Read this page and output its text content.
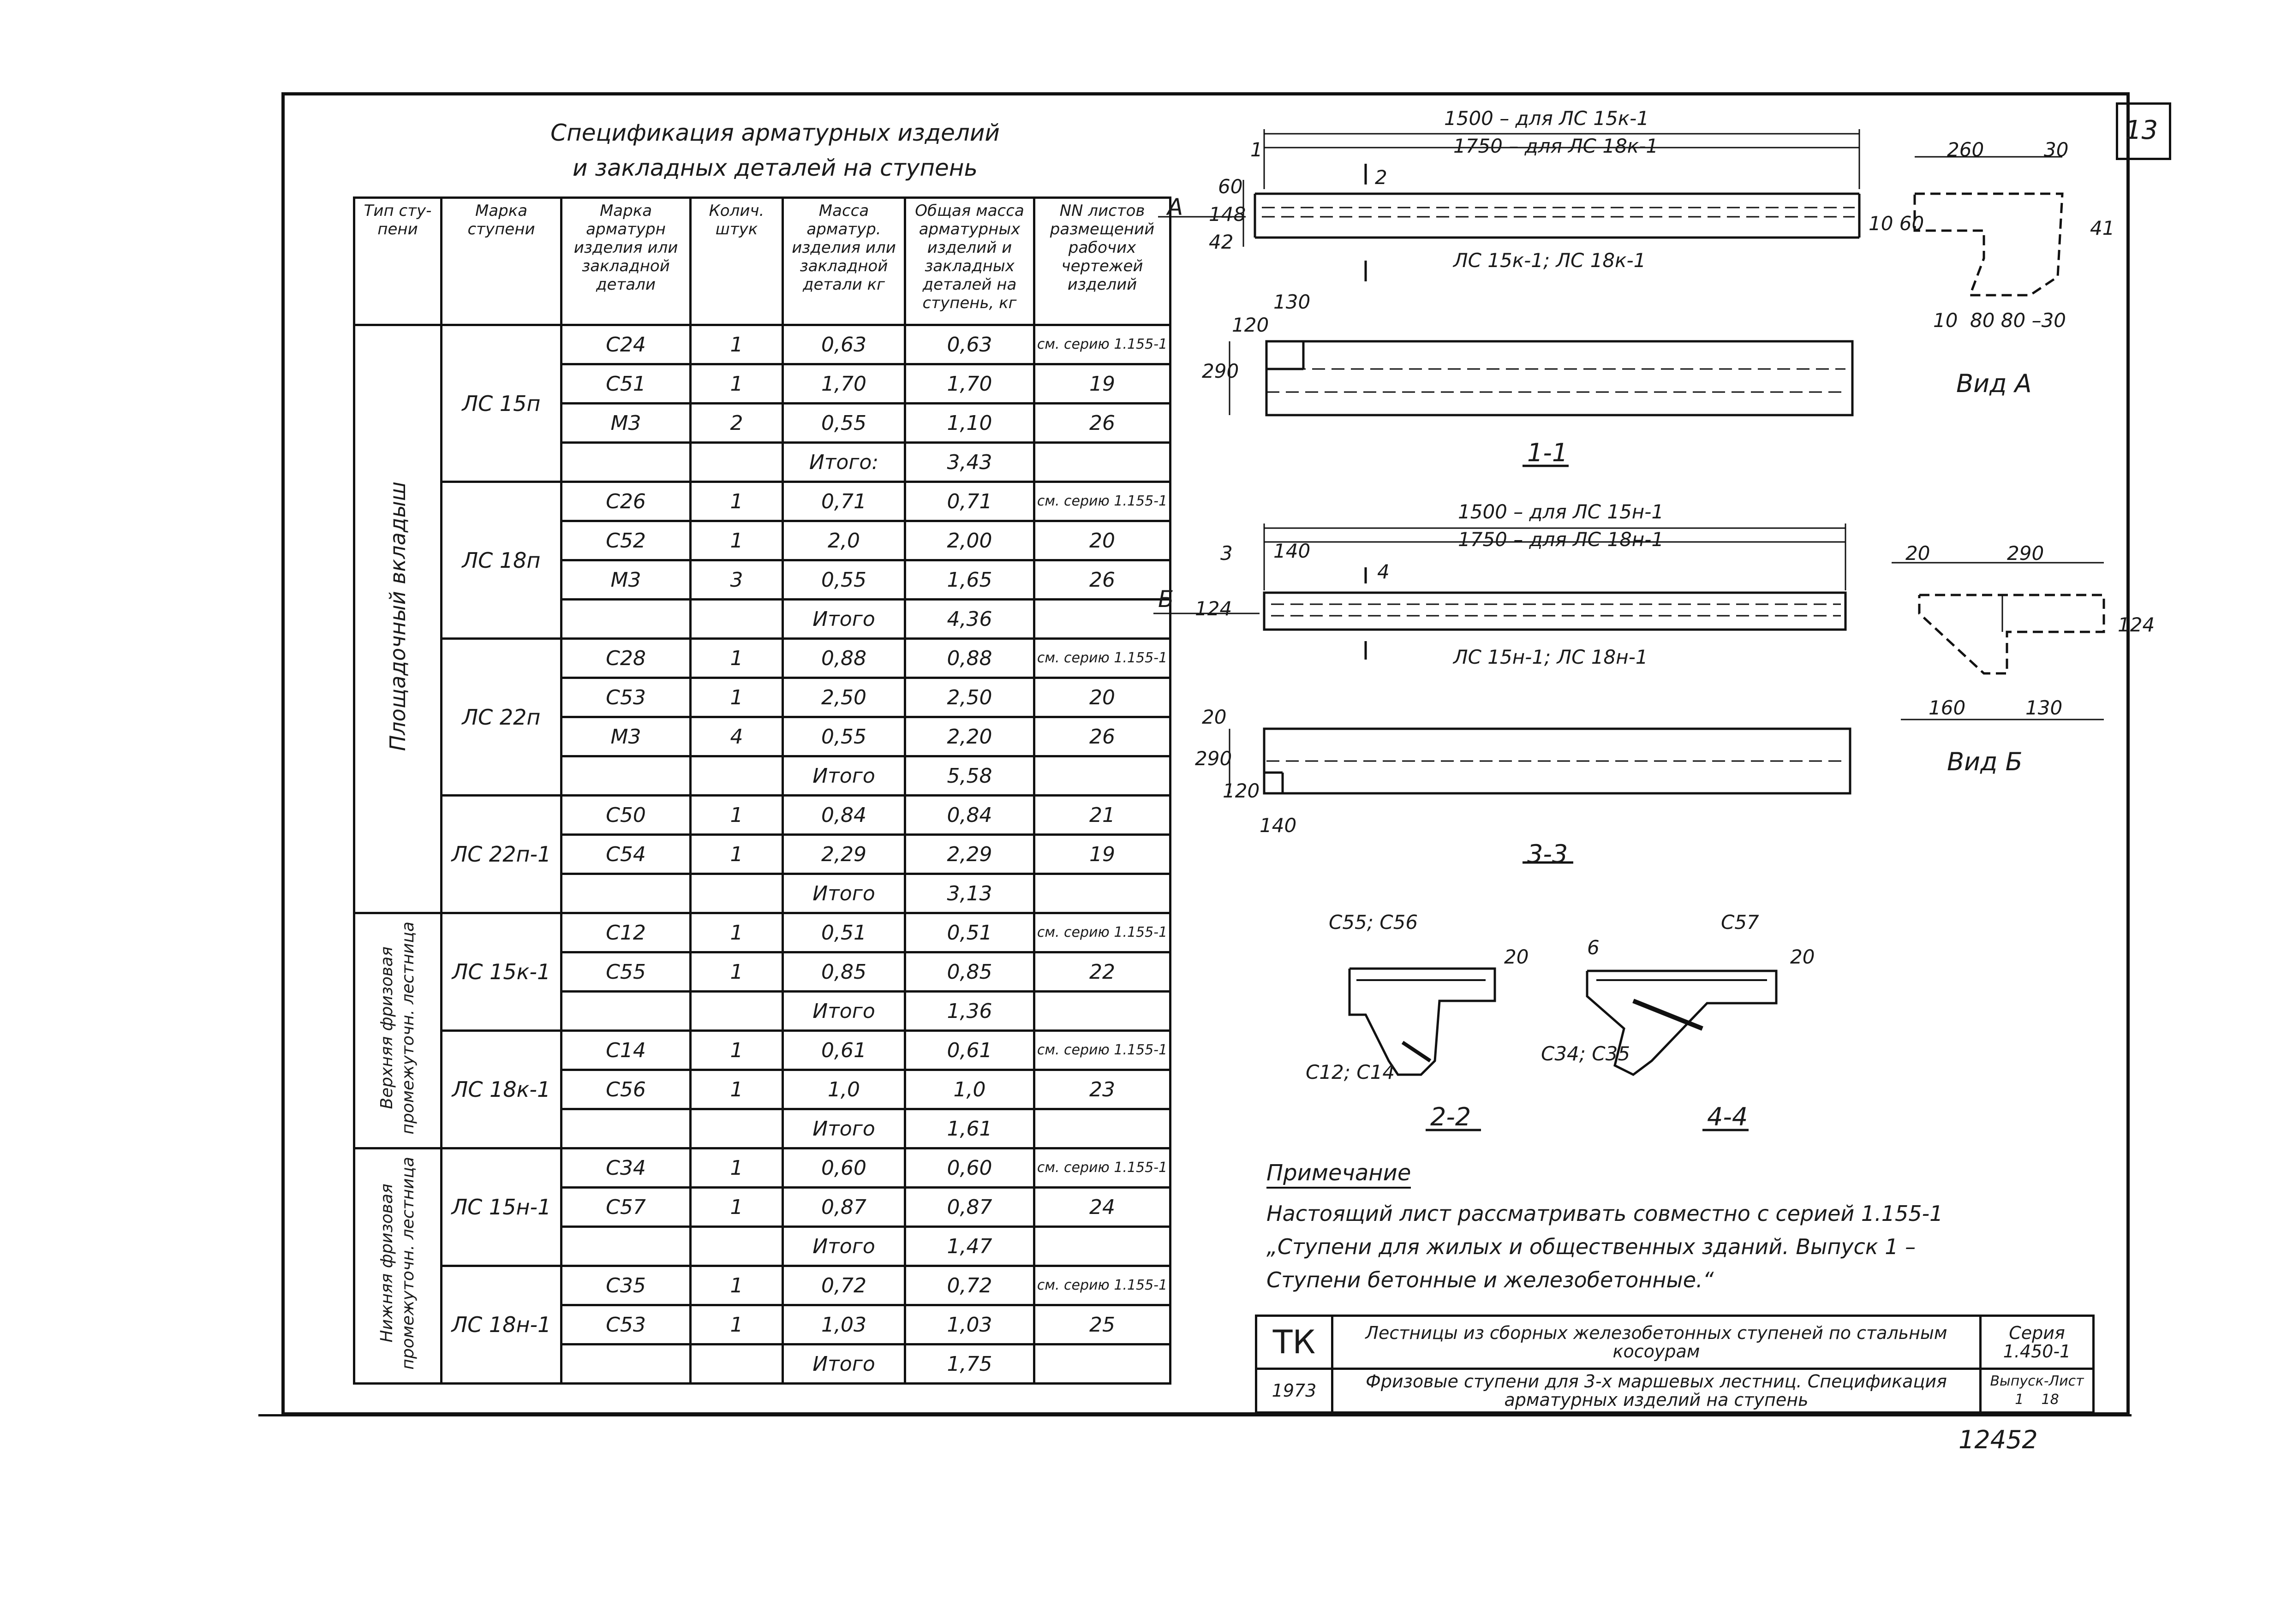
13
Спецификация арматурных изделий
и закладных деталей на ступень
Тип сту-пени	Марка ступени	Марка арматурн изделия или закладной детали	Колич. штук	Масса арматур. изделия или закладной детали кг	Общая масса арматурных изделий и закладных деталей на ступень, кг	NN листов размещений рабочих чертежей изделий
Площадочный вкладыш	ЛС 15п	С24	1	0,63	0,63	см. серию 1.155-1
		С51	1	1,70	1,70	19
		М3	2	0,55	1,10	26
				Итого:	3,43	
	ЛС 18п	С26	1	0,71	0,71	см. серию 1.155-1
		С52	1	2,0	2,00	20
		М3	3	0,55	1,65	26
				Итого	4,36	
	ЛС 22п	С28	1	0,88	0,88	см. серию 1.155-1
		С53	1	2,50	2,50	20
		М3	4	0,55	2,20	26
				Итого	5,58	
	ЛС 22п-1	С50	1	0,84	0,84	21
		С54	1	2,29	2,29	19
				Итого	3,13	
Верхняя фризовая
промежуточн. лестница	ЛС 15к-1	С12	1	0,51	0,51	см. серию 1.155-1
		С55	1	0,85	0,85	22
				Итого	1,36	
	ЛС 18к-1	С14	1	0,61	0,61	см. серию 1.155-1
		С56	1	1,0	1,0	23
				Итого	1,61	
Нижняя фризовая
промежуточн. лестница	ЛС 15н-1	С34	1	0,60	0,60	см. серию 1.155-1
		С57	1	0,87	0,87	24
				Итого	1,47	
	ЛС 18н-1	С35	1	0,72	0,72	см. серию 1.155-1
		С53	1	1,03	1,03	25
				Итого	1,75	
1500 – для ЛС 15к-1
1750 – для ЛС 18к-1
ЛС 15к-1; ЛС 18к-1
А
60
148
42
2
1	260	30
10 60	41
10 80 80 –30
Вид А
130
120
290
1-1
1500 – для ЛС 15н-1
1750 – для ЛС 18н-1
ЛС 15н-1; ЛС 18н-1
Б
3 140
4
124
290
20
124
160	130
Вид Б
20
290
120
140
3-3
С55; С56
20
С12; С14
2-2
С57
6	20
С34; С35
4-4
Примечание
Настоящий лист рассматривать совместно с серией 1.155-1 „Ступени для жилых и общественных зданий. Выпуск 1 – Ступени бетонные и железобетонные.“
ТК	Лестницы из сборных железобетонных ступеней по стальным косоурам	Серия
1.450-1

1973	Фризовые ступени для 3-х маршевых лестниц. Спецификация арматурных изделий на ступень	Выпуск-Лист
1 18
12452
